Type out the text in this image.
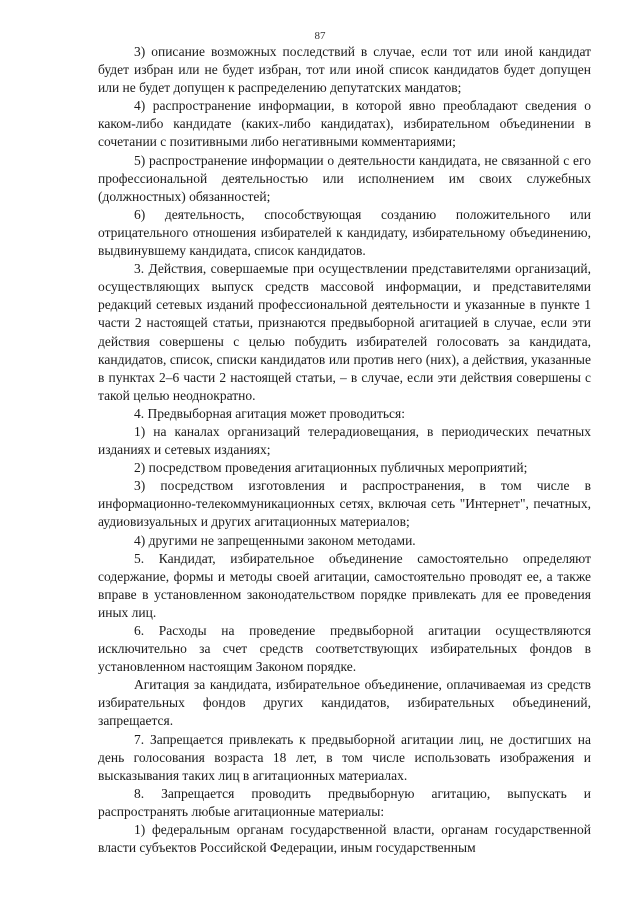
87

3) описание возможных последствий в случае, если тот или иной кандидат будет избран или не будет избран, тот или иной список кандидатов будет допущен или не будет допущен к распределению депутатских мандатов;

4) распространение информации, в которой явно преобладают сведения о каком-либо кандидате (каких-либо кандидатах), избирательном объединении в сочетании с позитивными либо негативными комментариями;

5) распространение информации о деятельности кандидата, не связанной с его профессиональной деятельностью или исполнением им своих служебных (должностных) обязанностей;

6) деятельность, способствующая созданию положительного или отрицательного отношения избирателей к кандидату, избирательному объединению, выдвинувшему кандидата, список кандидатов.

3. Действия, совершаемые при осуществлении представителями организаций, осуществляющих выпуск средств массовой информации, и представителями редакций сетевых изданий профессиональной деятельности и указанные в пункте 1 части 2 настоящей статьи, признаются предвыборной агитацией в случае, если эти действия совершены с целью побудить избирателей голосовать за кандидата, кандидатов, список, списки кандидатов или против него (них), а действия, указанные в пунктах 2–6 части 2 настоящей статьи, – в случае, если эти действия совершены с такой целью неоднократно.

4. Предвыборная агитация может проводиться:

1) на каналах организаций телерадиовещания, в периодических печатных изданиях и сетевых изданиях;

2) посредством проведения агитационных публичных мероприятий;

3) посредством изготовления и распространения, в том числе в информационно-телекоммуникационных сетях, включая сеть "Интернет", печатных, аудиовизуальных и других агитационных материалов;

4) другими не запрещенными законом методами.

5. Кандидат, избирательное объединение самостоятельно определяют содержание, формы и методы своей агитации, самостоятельно проводят ее, а также вправе в установленном законодательством порядке привлекать для ее проведения иных лиц.

6. Расходы на проведение предвыборной агитации осуществляются исключительно за счет средств соответствующих избирательных фондов в установленном настоящим Законом порядке.

Агитация за кандидата, избирательное объединение, оплачиваемая из средств избирательных фондов других кандидатов, избирательных объединений, запрещается.

7. Запрещается привлекать к предвыборной агитации лиц, не достигших на день голосования возраста 18 лет, в том числе использовать изображения и высказывания таких лиц в агитационных материалах.

8. Запрещается проводить предвыборную агитацию, выпускать и распространять любые агитационные материалы:

1) федеральным органам государственной власти, органам государственной власти субъектов Российской Федерации, иным государственным
